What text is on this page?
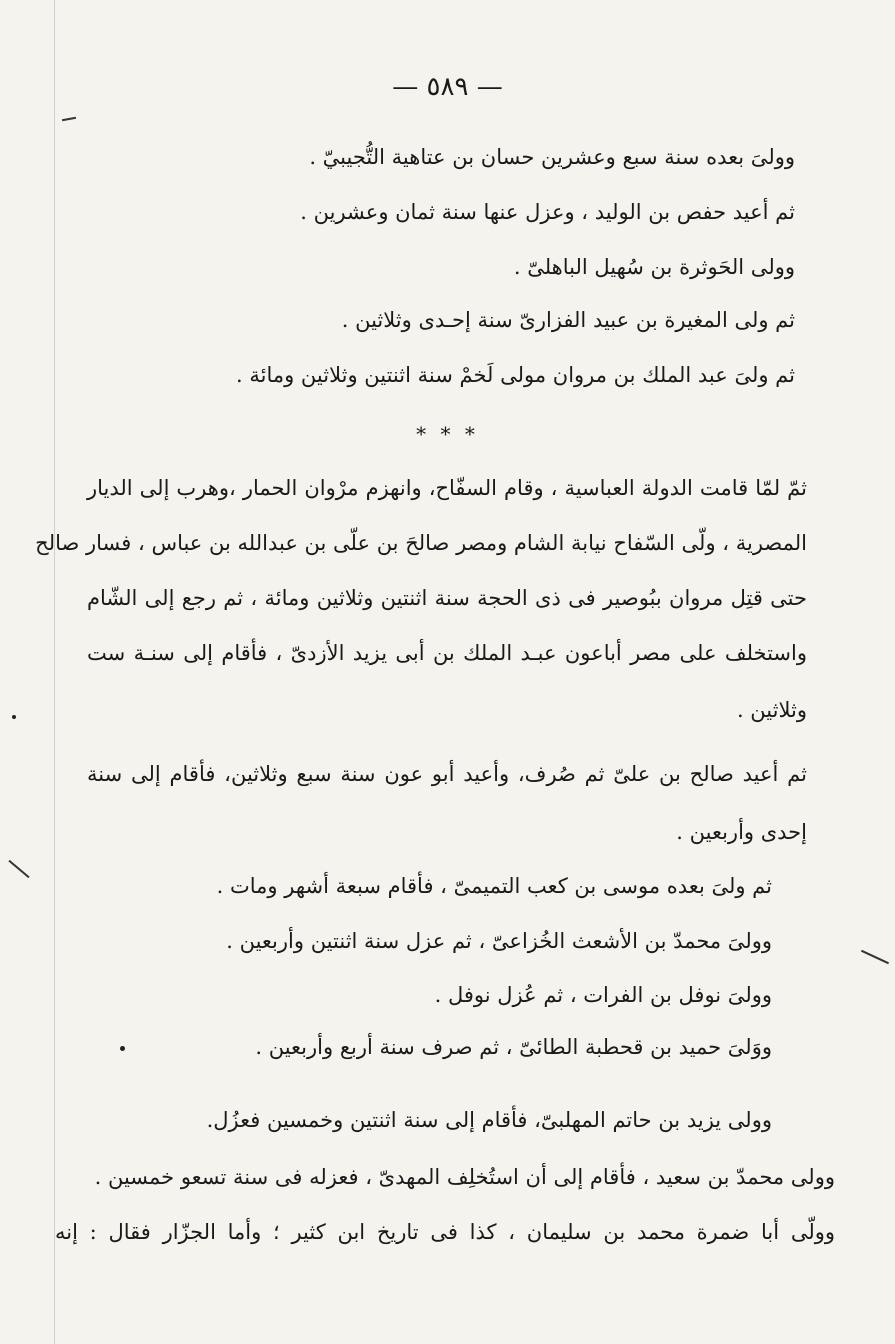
— ٥٨٩ —
وولىَ بعده سنة سبع وعشرين حسان بن عتاهية التُّجيبيّ .
ثم أعيد حفص بن الوليد ، وعزل عنها سنة ثمان وعشرين .
وولى الحَوثرة بن سُهيل الباهلىّ .
ثم ولى المغيرة بن عبيد الفزارىّ سنة إحـدى وثلاثين .
ثم ولىَ عبد الملك بن مروان مولى لَخمْ سنة اثنتين وثلاثين ومائة .
* * *
ثمّ لمّا قامت الدولة العباسية ، وقام السفّاح، وانهزم مرْوان الحمار ،وهرب إلى الديار
المصرية ، ولّى السّفاح نيابة الشام ومصر صالحَ بن علّى بن عبدالله بن عباس ، فسار صالح
حتى قتِل مروان ببُوصير فى ذى الحجة سنة اثنتين وثلاثين ومائة ، ثم رجع إلى الشّام
واستخلف على مصر أباعون عبـد الملك بن أبى يزيد الأزدىّ ، فأقام إلى سنـة ست
وثلاثين .
ثم أعيد صالح بن علىّ ثم صُرف، وأعيد أبو عون سنة سبع وثلاثين، فأقام إلى سنة
إحدى وأربعين .
ثم ولىَ بعده موسى بن كعب التميمىّ ، فأقام سبعة أشهر ومات .
وولىَ محمدّ بن الأشعث الخُزاعىّ ، ثم عزل سنة اثنتين وأربعين .
وولىَ نوفل بن الفرات ، ثم عُزل نوفل .
ووَلىَ حميد بن قحطبة الطائىّ ، ثم صرف سنة أربع وأربعين .
وولى يزيد بن حاتم المهلبىّ، فأقام إلى سنة اثنتين وخمسين فعزُل.
وولى محمدّ بن سعيد ، فأقام إلى أن استُخلِف المهدىّ ، فعزله فى سنة تسعو خمسين .
وولّى أبا ضمرة محمد بن سليمان ، كذا فى تاريخ ابن كثير ؛ وأما الجزّار فقال : إنه
